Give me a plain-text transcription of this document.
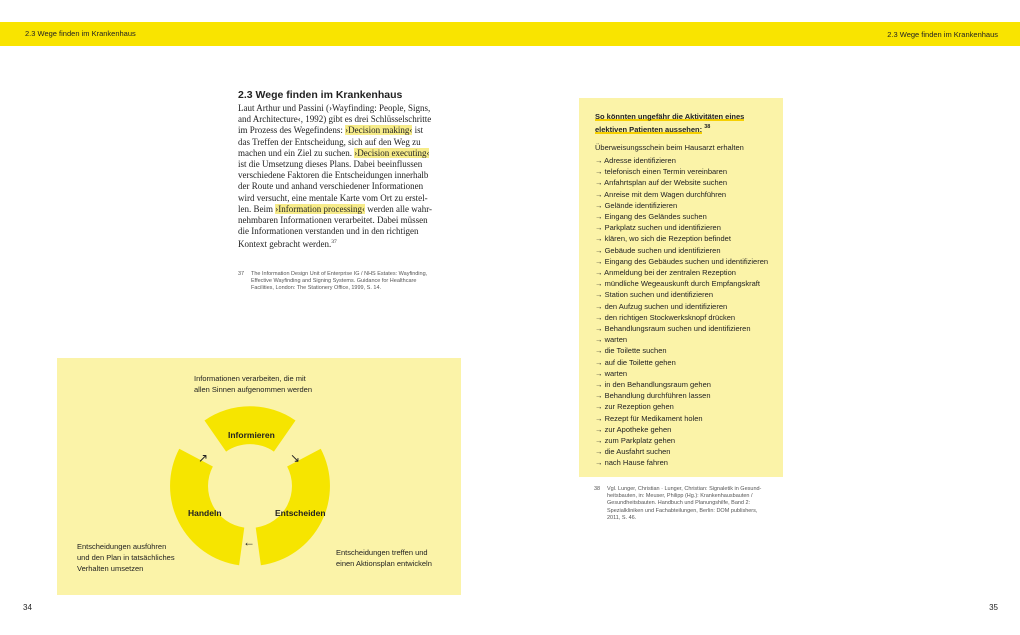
2.3 Wege finden im Krankenhaus	2.3 Wege finden im Krankenhaus
2.3 Wege finden im Krankenhaus
Laut Arthur und Passini (›Wayfinding: People, Signs,
and Architecture‹, 1992) gibt es drei Schlüsselschritte
im Prozess des Wegefindens: ›Decision making‹ ist
das Treffen der Entscheidung, sich auf den Weg zu
machen und ein Ziel zu suchen. ›Decision executing‹
ist die Umsetzung dieses Plans. Dabei beeinflussen
verschiedene Faktoren die Entscheidungen innerhalb
der Route und anhand verschiedener Informationen
wird versucht, eine mentale Karte vom Ort zu erstel-
len. Beim ›Information processing‹ werden alle wahr-
nehmbaren Informationen verarbeitet. Dabei müssen
die Informationen verstanden und in den richtigen
Kontext gebracht werden.$^{37}$
37 The Information Design Unit of Enterprise IG / NHS Estates: Wayfinding,
Effective Wayfinding and Signing Systems. Guidance for Healthcare
Facilities, London: The Stationery Office, 1999, S. 14.
Informationen verarbeiten, die mit
allen Sinnen aufgenommen werden
Entscheidungen ausführen
und den Plan in tatsächliches
Verhalten umsetzen
Entscheidungen treffen und
einen Aktionsplan entwickeln
Informieren
Handeln	Entscheiden
↗	↘
←
So könnten ungefähr die Aktivitäten eines
elektiven Patienten aussehen: $^{38}$
Überweisungsschein beim Hausarzt erhalten
→ Adresse identifizieren
→ telefonisch einen Termin vereinbaren
→ Anfahrtsplan auf der Website suchen
→ Anreise mit dem Wagen durchführen
→ Gelände identifizieren
→ Eingang des Geländes suchen
→ Parkplatz suchen und identifizieren
→ klären, wo sich die Rezeption befindet
→ Gebäude suchen und identifizieren
→ Eingang des Gebäudes suchen und identifizieren
→ Anmeldung bei der zentralen Rezeption
→ mündliche Wegeauskunft durch Empfangskraft
→ Station suchen und identifizieren
→ den Aufzug suchen und identifizieren
→ den richtigen Stockwerksknopf drücken
→ Behandlungsraum suchen und identifizieren
→ warten
→ die Toilette suchen
→ auf die Toilette gehen
→ warten
→ in den Behandlungsraum gehen
→ Behandlung durchführen lassen
→ zur Rezeption gehen
→ Rezept für Medikament holen
→ zur Apotheke gehen
→ zum Parkplatz gehen
→ die Ausfahrt suchen
→ nach Hause fahren
38 Vgl. Lunger, Christian · Lunger, Christian: Signaletik in Gesund-
heitsbauten, in: Meuser, Philipp (Hg.): Krankenhausbauten /
Gesundheitsbauten. Handbuch und Planungshilfe, Band 2:
Spezialkliniken und Fachabteilungen, Berlin: DOM publishers,
2011, S. 46.
34	35
